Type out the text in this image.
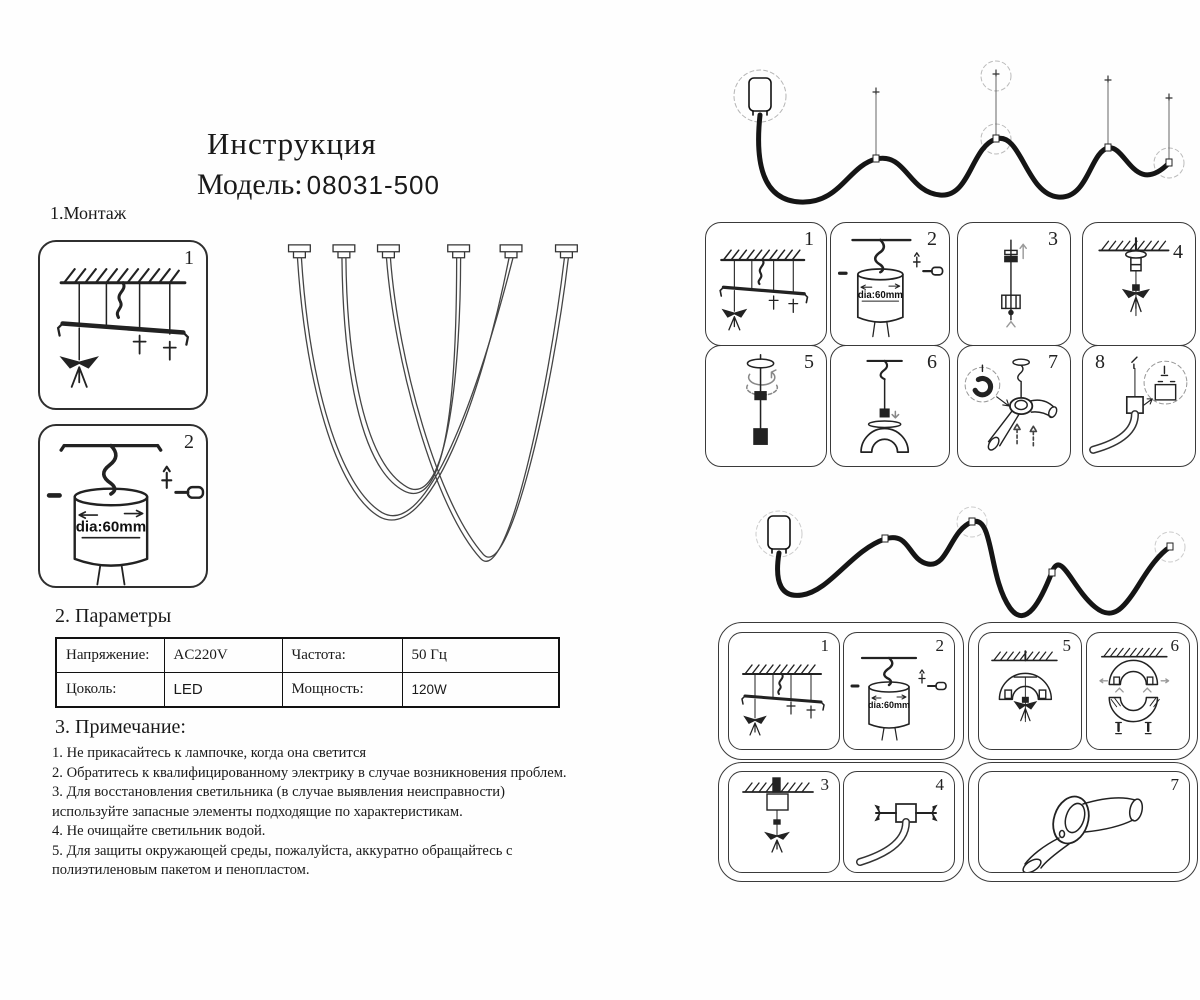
Инструкция
Модель: 08031-500
1.Монтаж
1
2
dia:60mm
2. Параметры
Напряжение:	AC220V	Частота:	50 Гц
Цоколь:	LED	Мощность:	120W
3. Примечание:
1. Не прикасайтесь к лампочке, когда она светится
2. Обратитесь к квалифицированному электрику в случае возникновения проблем.
3. Для восстановления светильника (в случае выявления неисправности) используйте запасные элементы подходящие по характеристикам.
4. Не очищайте светильник водой.
5. Для защиты окружающей среды, пожалуйста, аккуратно обращайтесь с полиэтиленовым пакетом и пенопластом.
1	2
dia:60mm
3
4
5	6	7 8
1	2
dia:60mm
5	6
3	4	7
